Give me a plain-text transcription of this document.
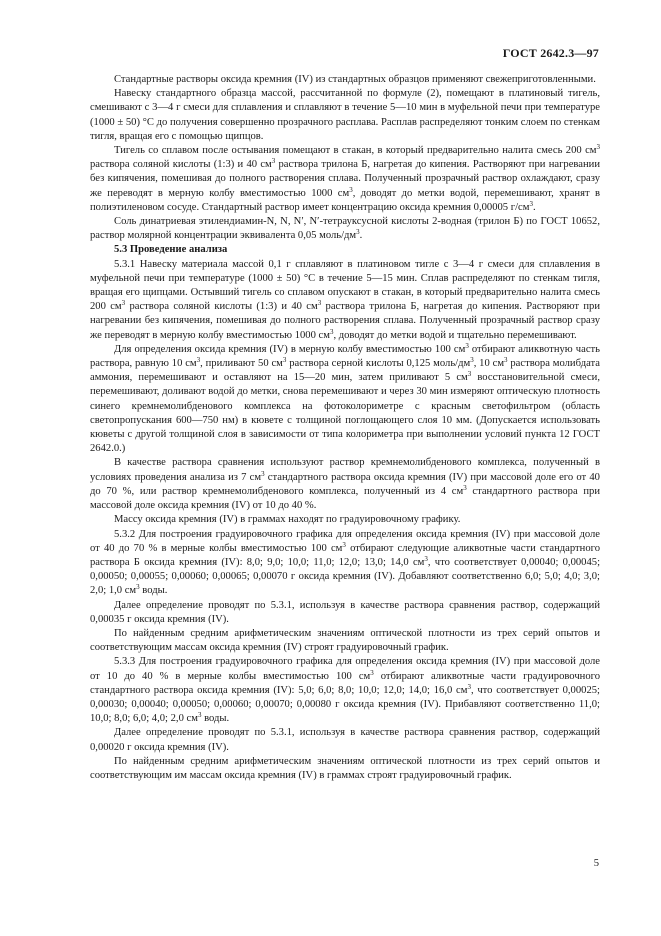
ГОСТ 2642.3—97

Стандартные растворы оксида кремния (IV) из стандартных образцов применяют свежеприготовленными.

Навеску стандартного образца массой, рассчитанной по формуле (2), помещают в платиновый тигель, смешивают с 3—4 г смеси для сплавления и сплавляют в течение 5—10 мин в муфельной печи при температуре (1000 ± 50) °С до получения совершенно прозрачного расплава. Расплав распределяют тонким слоем по стенкам тигля, вращая его с помощью щипцов.

Тигель со сплавом после остывания помещают в стакан, в который предварительно налита смесь 200 $см^3$ раствора соляной кислоты (1:3) и 40 $см^3$ раствора трилона Б, нагретая до кипения. Растворяют при нагревании без кипячения, помешивая до полного растворения сплава. Полученный прозрачный раствор охлаждают, сразу же переводят в мерную колбу вместимостью 1000 $см^3$, доводят до метки водой, перемешивают, хранят в полиэтиленовом сосуде. Стандартный раствор имеет концентрацию оксида кремния 0,00005 $г/см^3$.

Соль динатриевая этилендиамин-N, N, N′, N′-тетрауксусной кислоты 2-водная (трилон Б) по ГОСТ 10652, раствор молярной концентрации эквивалента 0,05 моль/$дм^3$.

5.3 Проведение анализа

5.3.1 Навеску материала массой 0,1 г сплавляют в платиновом тигле с 3—4 г смеси для сплавления в муфельной печи при температуре (1000 ± 50) °С в течение 5—15 мин. Сплав распределяют по стенкам тигля, вращая его щипцами. Остывший тигель со сплавом опускают в стакан, в который предварительно налита смесь 200 $см^3$ раствора соляной кислоты (1:3) и 40 $см^3$ раствора трилона Б, нагретая до кипения. Растворяют при нагревании без кипячения, помешивая до полного растворения сплава. Полученный прозрачный раствор сразу же переводят в мерную колбу вместимостью 1000 $см^3$, доводят до метки водой и тщательно перемешивают.

Для определения оксида кремния (IV) в мерную колбу вместимостью 100 $см^3$ отбирают аликвотную часть раствора, равную 10 $см^3$, приливают 50 $см^3$ раствора серной кислоты 0,125 моль/$дм^3$, 10 $см^3$ раствора молибдата аммония, перемешивают и оставляют на 15—20 мин, затем приливают 5 $см^3$ восстановительной смеси, перемешивают, доливают водой до метки, снова перемешивают и через 30 мин измеряют оптическую плотность синего кремнемолибденового комплекса на фотоколориметре с красным светофильтром (область светопропускания 600—750 нм) в кювете с толщиной поглощающего слоя 10 мм. (Допускается использовать кюветы с другой толщиной слоя в зависимости от типа колориметра при выполнении условий пункта 12 ГОСТ 2642.0.)

В качестве раствора сравнения используют раствор кремнемолибденового комплекса, полученный в условиях проведения анализа из 7 $см^3$ стандартного раствора оксида кремния (IV) при массовой доле его от 40 до 70 %, или раствор кремнемолибденового комплекса, полученный из 4 $см^3$ стандартного раствора при массовой доле оксида кремния (IV) от 10 до 40 %.

Массу оксида кремния (IV) в граммах находят по градуировочному графику.

5.3.2 Для построения градуировочного графика для определения оксида кремния (IV) при массовой доле от 40 до 70 % в мерные колбы вместимостью 100 $см^3$ отбирают следующие аликвотные части стандартного раствора Б оксида кремния (IV): 8,0; 9,0; 10,0; 11,0; 12,0; 13,0; 14,0 $см^3$, что соответствует 0,00040; 0,00045; 0,00050; 0,00055; 0,00060; 0,00065; 0,00070 г оксида кремния (IV). Добавляют соответственно 6,0; 5,0; 4,0; 3,0; 2,0; 1,0 $см^3$ воды.

Далее определение проводят по 5.3.1, используя в качестве раствора сравнения раствор, содержащий 0,00035 г оксида кремния (IV).

По найденным средним арифметическим значениям оптической плотности из трех серий опытов и соответствующим массам оксида кремния (IV) строят градуировочный график.

5.3.3 Для построения градуировочного графика для определения оксида кремния (IV) при массовой доле от 10 до 40 % в мерные колбы вместимостью 100 $см^3$ отбирают аликвотные части градуировочного стандартного раствора оксида кремния (IV): 5,0; 6,0; 8,0; 10,0; 12,0; 14,0; 16,0 $см^3$, что соответствует 0,00025; 0,00030; 0,00040; 0,00050; 0,00060; 0,00070; 0,00080 г оксида кремния (IV). Прибавляют соответственно 11,0; 10,0; 8,0; 6,0; 4,0; 2,0 $см^3$ воды.

Далее определение проводят по 5.3.1, используя в качестве раствора сравнения раствор, содержащий 0,00020 г оксида кремния (IV).

По найденным средним арифметическим значениям оптической плотности из трех серий опытов и соответствующим им массам оксида кремния (IV) в граммах строят градуировочный график.

5
